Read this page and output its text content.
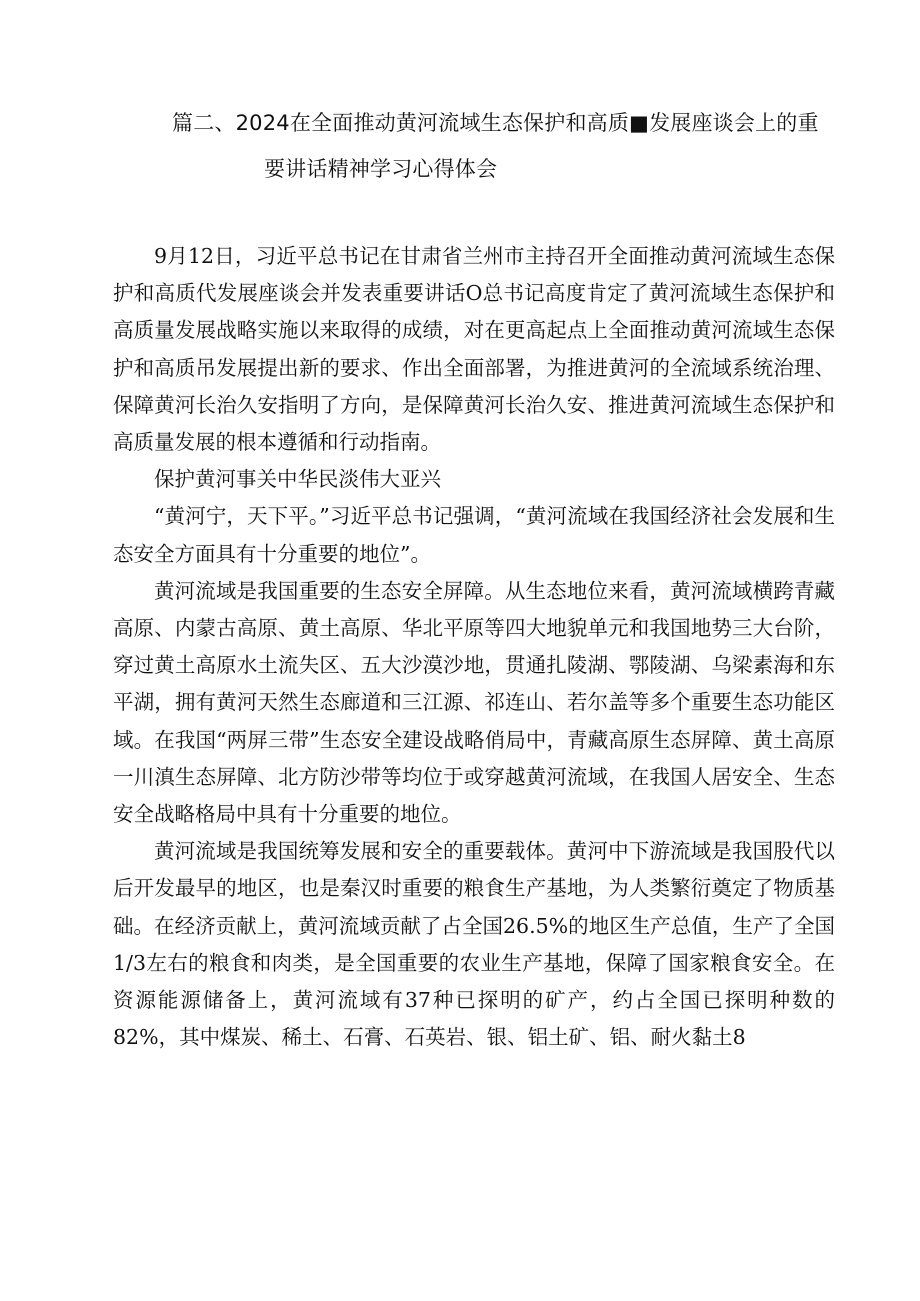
篇二、2024在全面推动黄河流域生态保护和高质■发展座谈会上的重
要讲话精神学习心得体会

9月12日，习近平总书记在甘肃省兰州市主持召开全面推动黄河流域生态保护和高质代发展座谈会并发表重要讲话O总书记高度肯定了黄河流域生态保护和高质量发展战略实施以来取得的成绩，对在更高起点上全面推动黄河流域生态保护和高质吊发展提出新的要求、作出全面部署，为推进黄河的全流域系统治理、保障黄河长治久安指明了方向，是保障黄河长治久安、推进黄河流域生态保护和高质量发展的根本遵循和行动指南。

保护黄河事关中华民淡伟大亚兴

“黄河宁，天下平。”习近平总书记强调，“黄河流域在我国经济社会发展和生态安全方面具有十分重要的地位”。

黄河流域是我国重要的生态安全屏障。从生态地位来看，黄河流域横跨青藏高原、内蒙古高原、黄土高原、华北平原等四大地貌单元和我国地势三大台阶，穿过黄土高原水土流失区、五大沙漠沙地，贯通扎陵湖、鄂陵湖、乌梁素海和东平湖，拥有黄河天然生态廊道和三江源、祁连山、若尔盖等多个重要生态功能区域。在我国“两屏三带”生态安全建设战略俏局中，青藏高原生态屏障、黄土高原一川滇生态屏障、北方防沙带等均位于或穿越黄河流域，在我国人居安全、生态安全战略格局中具有十分重要的地位。

黄河流域是我国统筹发展和安全的重要载体。黄河中下游流域是我国股代以后开发最早的地区，也是秦汉时重要的粮食生产基地，为人类繁衍奠定了物质基础。在经济贡献上，黄河流域贡献了占全国26.5%的地区生产总值，生产了全国1/3左右的粮食和肉类，是全国重要的农业生产基地，保障了国家粮食安全。在资源能源储备上，黄河流域有37种已探明的矿产，约占全国已探明种数的82%，其中煤炭、稀土、石膏、石英岩、银、铝土矿、铝、耐火黏土8
